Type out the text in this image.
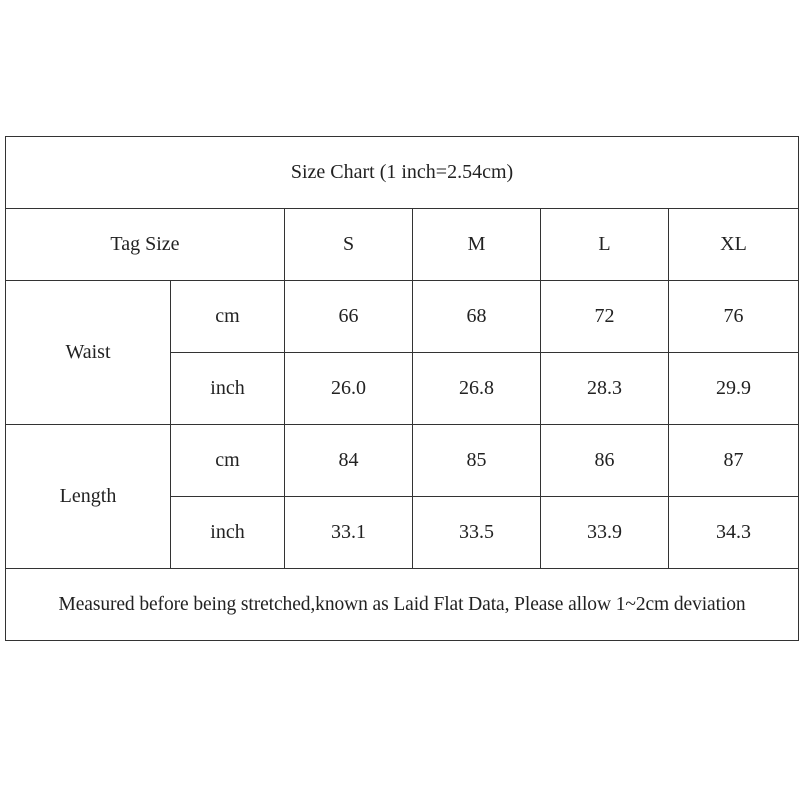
Size Chart (1 inch=2.54cm)					
Tag Size		S	M	L	XL
Waist	cm	66	68	72	76
	inch	26.0	26.8	28.3	29.9
Length	cm	84	85	86	87
	inch	33.1	33.5	33.9	34.3
Measured before being stretched,known as Laid Flat Data, Please allow 1~2cm deviation					
